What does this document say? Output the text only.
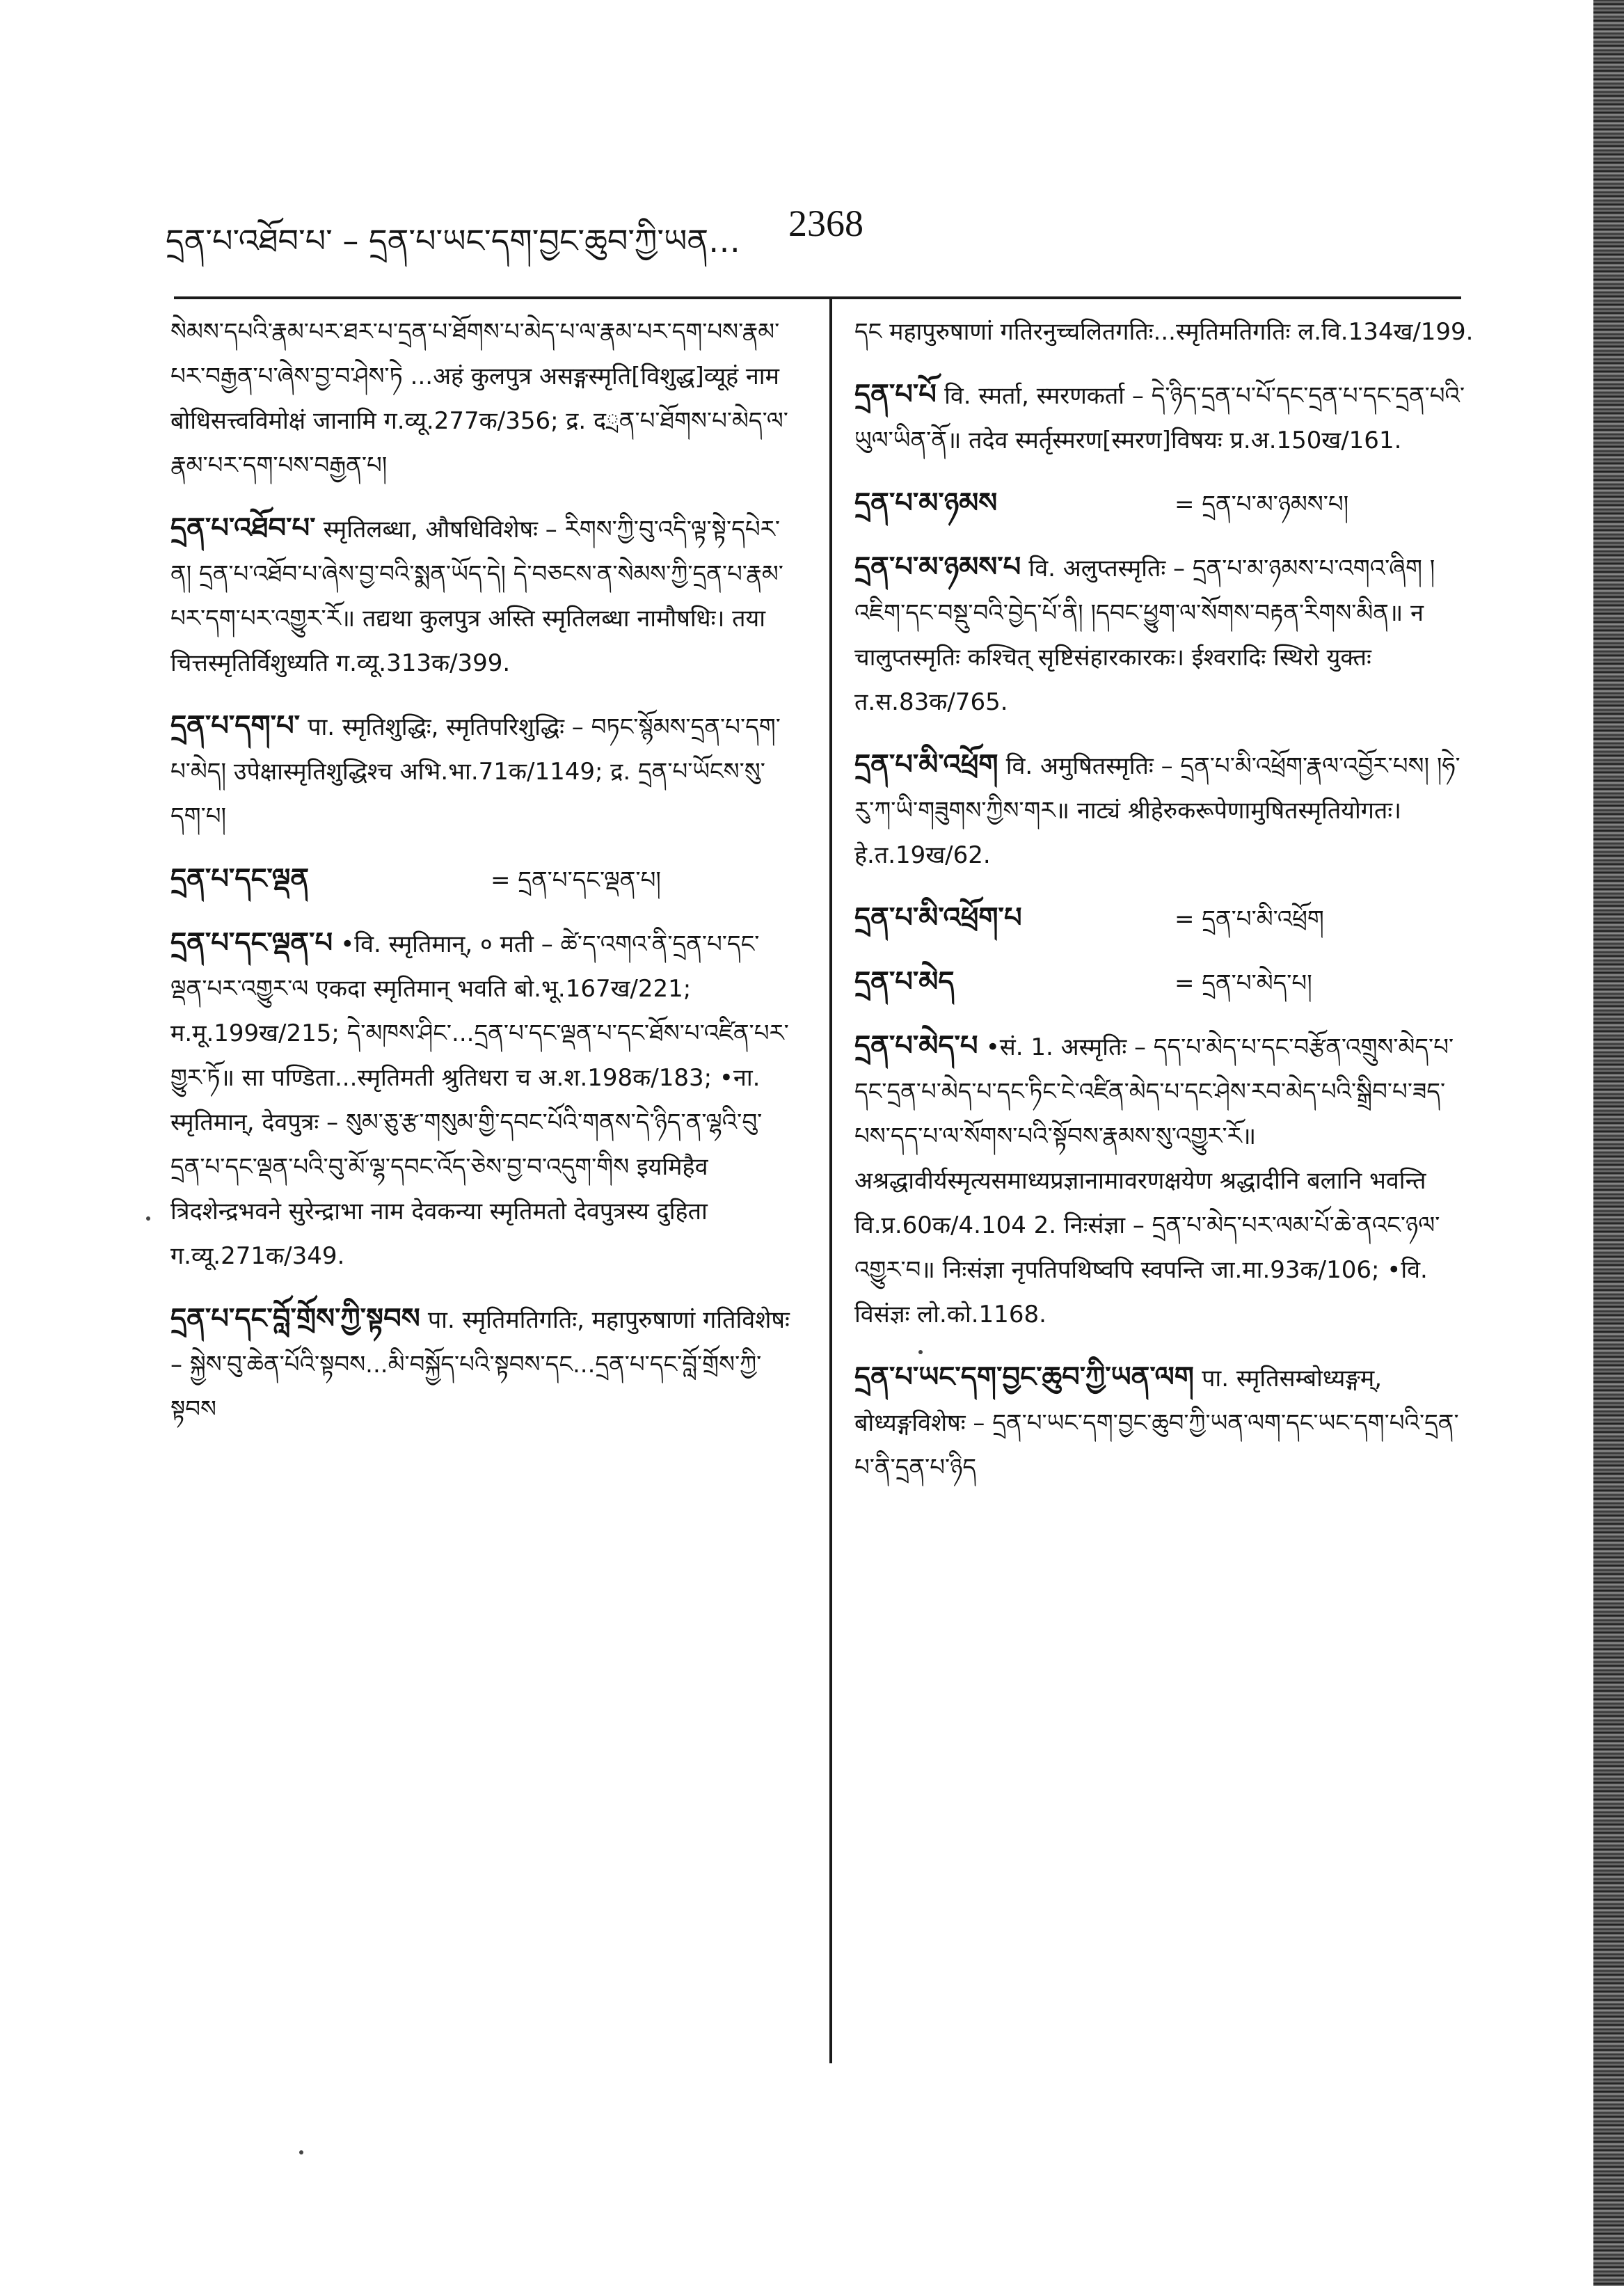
དྲན་པ་འཐོབ་པ་ – དྲན་པ་ཡང་དག་བྱང་ཆུབ་ཀྱི་ཡན… 2368
སེམས་དཔའི་རྣམ་པར་ཐར་པ་དྲན་པ་ཐོགས་པ་མེད་པ་ལ་རྣམ་པར་དག་པས་རྣམ་པར་བརྒྱན་པ་ཞེས་བྱ་བ་ཤེས་ཏེ ...अहं कुलपुत्र असङ्गस्मृति[विशुद्ध]व्यूहं नाम बोधिसत्त्वविमोक्षं जानामि ग.व्यू.277क/356; द्र. दྲན་པ་ཐོགས་པ་མེད་ལ་རྣམ་པར་དག་པས་བརྒྱན་པ།
དྲན་པ་འཐོབ་པ་ स्मृतिलब्धा, औषधिविशेषः – རིགས་ཀྱི་བུ་འདི་ལྟ་སྟེ་དཔེར་ན། དྲན་པ་འཐོབ་པ་ཞེས་བྱ་བའི་སྨན་ཡོད་དེ། དེ་བཅངས་ན་སེམས་ཀྱི་དྲན་པ་རྣམ་པར་དག་པར་འགྱུར་རོ॥ तद्यथा कुलपुत्र अस्ति स्मृतिलब्धा नामौषधिः। तया चित्तस्मृतिर्विशुध्यति ग.व्यू.313क/399.
དྲན་པ་དག་པ་ पा. स्मृतिशुद्धिः, स्मृतिपरिशुद्धिः – བཏང་སྙོམས་དྲན་པ་དག་པ་མེད། उपेक्षास्मृतिशुद्धिश्च अभि.भा.71क/1149; द्र. དྲན་པ་ཡོངས་སུ་དག་པ།
དྲན་པ་དང་ལྡན	= དྲན་པ་དང་ལྡན་པ།
དྲན་པ་དང་ལྡན་པ •वि. स्मृतिमान्, ० मती – ཚེ་ད་འགའ་ནི་དྲན་པ་དང་ལྡན་པར་འགྱུར་ལ एकदा स्मृतिमान् भवति बो.भू.167ख/221; म.मू.199ख/215; དེ་མཁས་ཤིང་...དྲན་པ་དང་ལྡན་པ་དང་ཐོས་པ་འཛིན་པར་གྱུར་ཏོ॥ सा पण्डिता...स्मृतिमती श्रुतिधरा च अ.श.198क/183; •ना. स्मृतिमान्, देवपुत्रः – སུམ་ཅུ་རྩ་གསུམ་གྱི་དབང་པོའི་གནས་དེ་ཉིད་ན་ལྷའི་བུ་དྲན་པ་དང་ལྡན་པའི་བུ་མོ་ལྷ་དབང་འོད་ཅེས་བྱ་བ་འདུག་གིས इयमिहैव त्रिदशेन्द्रभवने सुरेन्द्राभा नाम देवकन्या स्मृतिमतो देवपुत्रस्य दुहिता ग.व्यू.271क/349.
དྲན་པ་དང་བློ་གྲོས་ཀྱི་སྟབས पा. स्मृतिमतिगतिः, महापुरुषाणां गतिविशेषः – སྐྱེས་བུ་ཆེན་པོའི་སྟབས...མི་བསྐྱོད་པའི་སྟབས་དང...དྲན་པ་དང་བློ་གྲོས་ཀྱི་སྟབས
དང महापुरुषाणां गतिरनुच्चलितगतिः...स्मृतिमतिगतिः ल.वि.134ख/199.
དྲན་པ་པོ वि. स्मर्ता, स्मरणकर्ता – དེ་ཉིད་དྲན་པ་པོ་དང་དྲན་པ་དང་དྲན་པའི་ཡུལ་ཡིན་ནོ॥ तदेव स्मर्तृस्मरण[स्मरण]विषयः प्र.अ.150ख/161.
དྲན་པ་མ་ཉམས	= དྲན་པ་མ་ཉམས་པ།
དྲན་པ་མ་ཉམས་པ वि. अलुप्तस्मृतिः – དྲན་པ་མ་ཉམས་པ་འགའ་ཞིག །འཇིག་དང་བསྡུ་བའི་བྱེད་པོ་ནི། །དབང་ཕྱུག་ལ་སོགས་བརྟན་རིགས་མིན॥ न चालुप्तस्मृतिः कश्चित् सृष्टिसंहारकारकः। ईश्वरादिः स्थिरो युक्तः त.स.83क/765.
དྲན་པ་མི་འཕྲོག वि. अमुषितस्मृतिः – དྲན་པ་མི་འཕྲོག་རྣལ་འབྱོར་པས། །ཧེ་རུ་ཀ་ཡི་གཟུགས་ཀྱིས་གར॥ नाट्यं श्रीहेरुकरूपेणामुषितस्मृतियोगतः। हे.त.19ख/62.
དྲན་པ་མི་འཕྲོག་པ	= དྲན་པ་མི་འཕྲོག
དྲན་པ་མེད	= དྲན་པ་མེད་པ།
དྲན་པ་མེད་པ •सं. 1. अस्मृतिः – དད་པ་མེད་པ་དང་བརྩོན་འགྲུས་མེད་པ་དང་དྲན་པ་མེད་པ་དང་ཏིང་ངེ་འཛིན་མེད་པ་དང་ཤེས་རབ་མེད་པའི་སྒྲིབ་པ་ཟད་པས་དད་པ་ལ་སོགས་པའི་སྟོབས་རྣམས་སུ་འགྱུར་རོ॥ अश्रद्धावीर्यस्मृत्यसमाध्यप्रज्ञानामावरणक्षयेण श्रद्धादीनि बलानि भवन्ति वि.प्र.60क/4.104 2. निःसंज्ञा – དྲན་པ་མེད་པར་ལམ་པོ་ཆེ་ནའང་ཉལ་འགྱུར་བ॥ निःसंज्ञा नृपतिपथिष्वपि स्वपन्ति जा.मा.93क/106; •वि. विसंज्ञः लो.को.1168.
དྲན་པ་ཡང་དག་བྱང་ཆུབ་ཀྱི་ཡན་ལག पा. स्मृतिसम्बोध्यङ्गम्, बोध्यङ्गविशेषः – དྲན་པ་ཡང་དག་བྱང་ཆུབ་ཀྱི་ཡན་ལག་དང་ཡང་དག་པའི་དྲན་པ་ནི་དྲན་པ་ཉིད
